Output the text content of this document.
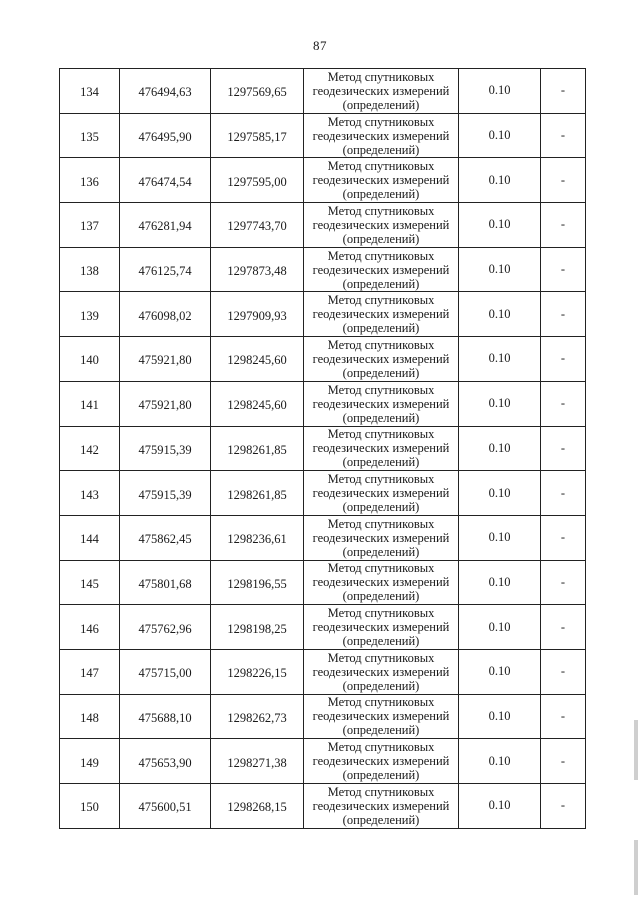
87
134	476494,63	1297569,65	Метод спутниковых
геодезических измерений
(определений)	0.10	-
135	476495,90	1297585,17	Метод спутниковых
геодезических измерений
(определений)	0.10	-
136	476474,54	1297595,00	Метод спутниковых
геодезических измерений
(определений)	0.10	-
137	476281,94	1297743,70	Метод спутниковых
геодезических измерений
(определений)	0.10	-
138	476125,74	1297873,48	Метод спутниковых
геодезических измерений
(определений)	0.10	-
139	476098,02	1297909,93	Метод спутниковых
геодезических измерений
(определений)	0.10	-
140	475921,80	1298245,60	Метод спутниковых
геодезических измерений
(определений)	0.10	-
141	475921,80	1298245,60	Метод спутниковых
геодезических измерений
(определений)	0.10	-
142	475915,39	1298261,85	Метод спутниковых
геодезических измерений
(определений)	0.10	-
143	475915,39	1298261,85	Метод спутниковых
геодезических измерений
(определений)	0.10	-
144	475862,45	1298236,61	Метод спутниковых
геодезических измерений
(определений)	0.10	-
145	475801,68	1298196,55	Метод спутниковых
геодезических измерений
(определений)	0.10	-
146	475762,96	1298198,25	Метод спутниковых
геодезических измерений
(определений)	0.10	-
147	475715,00	1298226,15	Метод спутниковых
геодезических измерений
(определений)	0.10	-
148	475688,10	1298262,73	Метод спутниковых
геодезических измерений
(определений)	0.10	-
149	475653,90	1298271,38	Метод спутниковых
геодезических измерений
(определений)	0.10	-
150	475600,51	1298268,15	Метод спутниковых
геодезических измерений
(определений)	0.10	-
